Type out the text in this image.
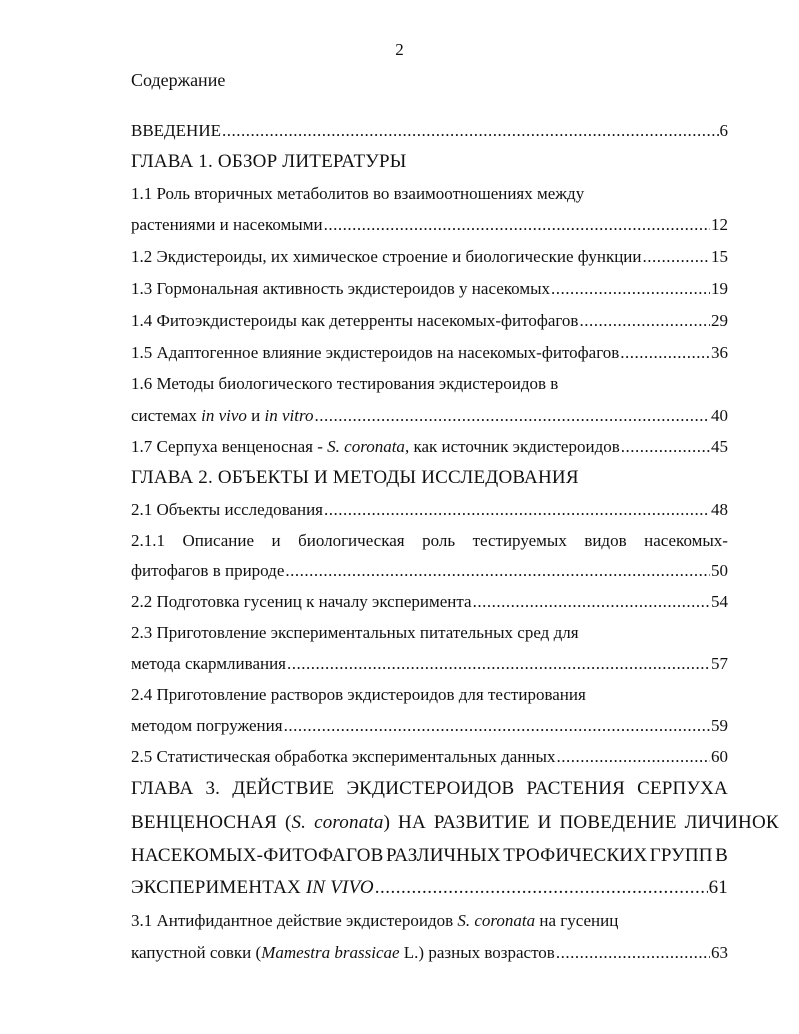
2
Содержание
ВВЕДЕНИЕ .....	6
ГЛАВА 1. ОБЗОР ЛИТЕРАТУРЫ
1.1 Роль вторичных метаболитов во взаимоотношениях между
растениями и насекомыми .....	12
1.2 Экдистероиды, их химическое строение и биологические функции .....	15
1.3 Гормональная активность экдистероидов у насекомых .....	19
1.4 Фитоэкдистероиды как детерренты насекомых-фитофагов .....	29
1.5 Адаптогенное влияние экдистероидов на насекомых-фитофагов .....	36
1.6 Методы биологического тестирования экдистероидов в
системах in vivo и in vitro .....	40
1.7 Серпуха венценосная - S. coronata, как источник экдистероидов .....	45
ГЛАВА 2. ОБЪЕКТЫ И МЕТОДЫ ИССЛЕДОВАНИЯ
2.1 Объекты исследования .....	48
2.1.1 Описание и биологическая роль тестируемых видов насекомых-
фитофагов в природе .....	50
2.2 Подготовка гусениц к началу эксперимента .....	54
2.3 Приготовление экспериментальных питательных сред для
метода скармливания .....	57
2.4 Приготовление растворов экдистероидов для тестирования
методом погружения .....	59
2.5 Статистическая обработка экспериментальных данных .....	60
ГЛАВА 3. ДЕЙСТВИЕ ЭКДИСТЕРОИДОВ РАСТЕНИЯ СЕРПУХА
ВЕНЦЕНОСНАЯ (S. coronata) НА РАЗВИТИЕ И ПОВЕДЕНИЕ ЛИЧИНОК
НАСЕКОМЫХ-ФИТОФАГОВ РАЗЛИЧНЫХ ТРОФИЧЕСКИХ ГРУПП В
ЭКСПЕРИМЕНТАХ IN VIVO .....	61
3.1 Антифидантное действие экдистероидов S. coronata на гусениц
капустной совки (Mamestra brassicae L.) разных возрастов .....	63
